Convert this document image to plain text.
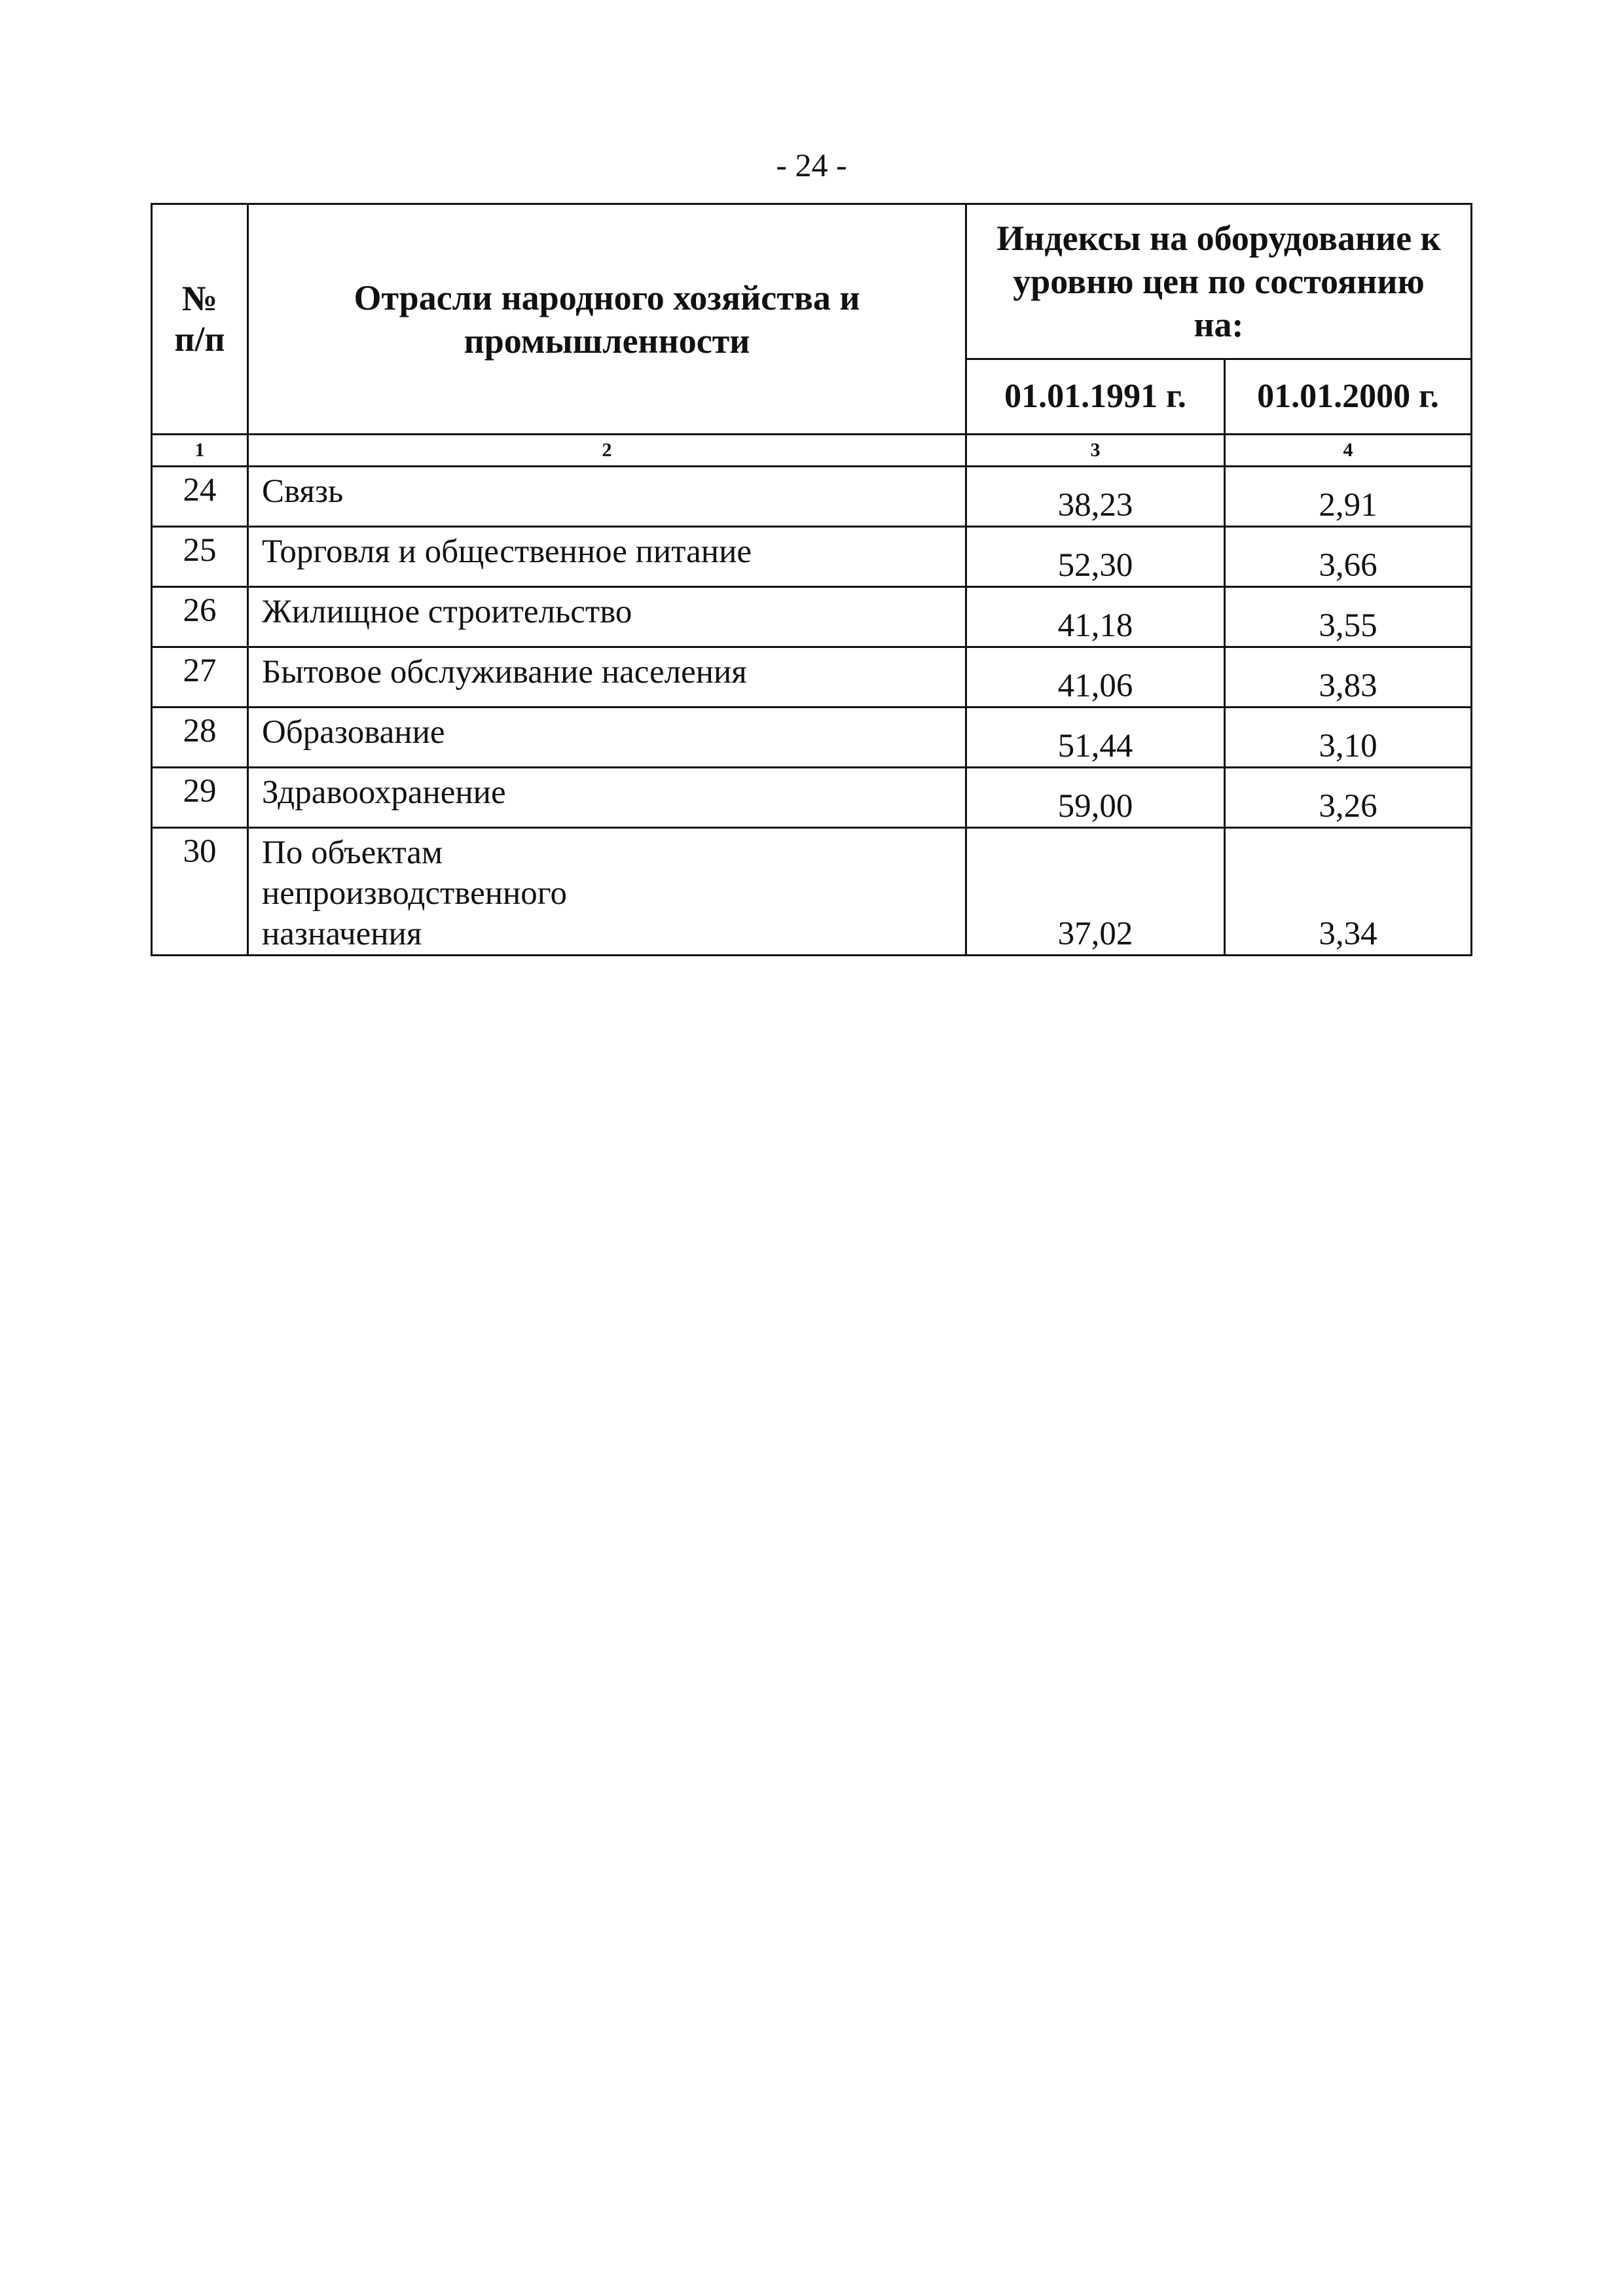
- 24 -
№
п/п	Отрасли народного хозяйства и промышленности	Индексы на оборудование к уровню цен по состоянию на:	
		01.01.1991 г.	01.01.2000 г.
1	2	3	4
24	Связь	38,23	2,91
25	Торговля и общественное питание	52,30	3,66
26	Жилищное строительство	41,18	3,55
27	Бытовое обслуживание населения	41,06	3,83
28	Образование	51,44	3,10
29	Здравоохранение	59,00	3,26
30	По объектам непроизводственного назначения	37,02	3,34
